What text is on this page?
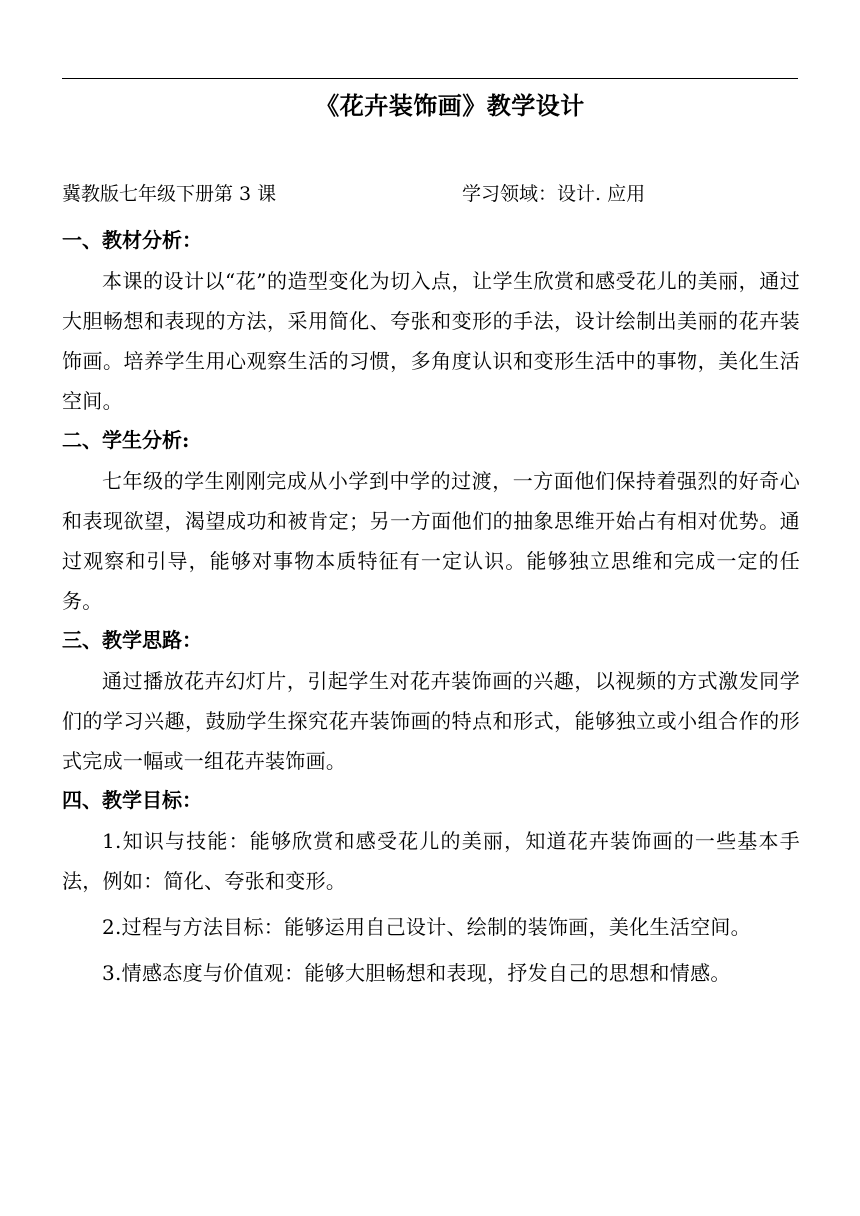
《花卉装饰画》教学设计
冀教版七年级下册第 3 课	学习领域：设计. 应用
一、教材分析：

本课的设计以“花”的造型变化为切入点，让学生欣赏和感受花儿的美丽，通过大胆畅想和表现的方法，采用简化、夸张和变形的手法，设计绘制出美丽的花卉装饰画。培养学生用心观察生活的习惯，多角度认识和变形生活中的事物，美化生活空间。

二、学生分析:

七年级的学生刚刚完成从小学到中学的过渡，一方面他们保持着强烈的好奇心和表现欲望，渴望成功和被肯定；另一方面他们的抽象思维开始占有相对优势。通过观察和引导，能够对事物本质特征有一定认识。能够独立思维和完成一定的任务。

三、教学思路：

通过播放花卉幻灯片，引起学生对花卉装饰画的兴趣，以视频的方式激发同学们的学习兴趣，鼓励学生探究花卉装饰画的特点和形式，能够独立或小组合作的形式完成一幅或一组花卉装饰画。

四、教学目标：

1.知识与技能：能够欣赏和感受花儿的美丽，知道花卉装饰画的一些基本手法，例如：简化、夸张和变形。

2.过程与方法目标：能够运用自己设计、绘制的装饰画，美化生活空间。

3.情感态度与价值观：能够大胆畅想和表现，抒发自己的思想和情感。
